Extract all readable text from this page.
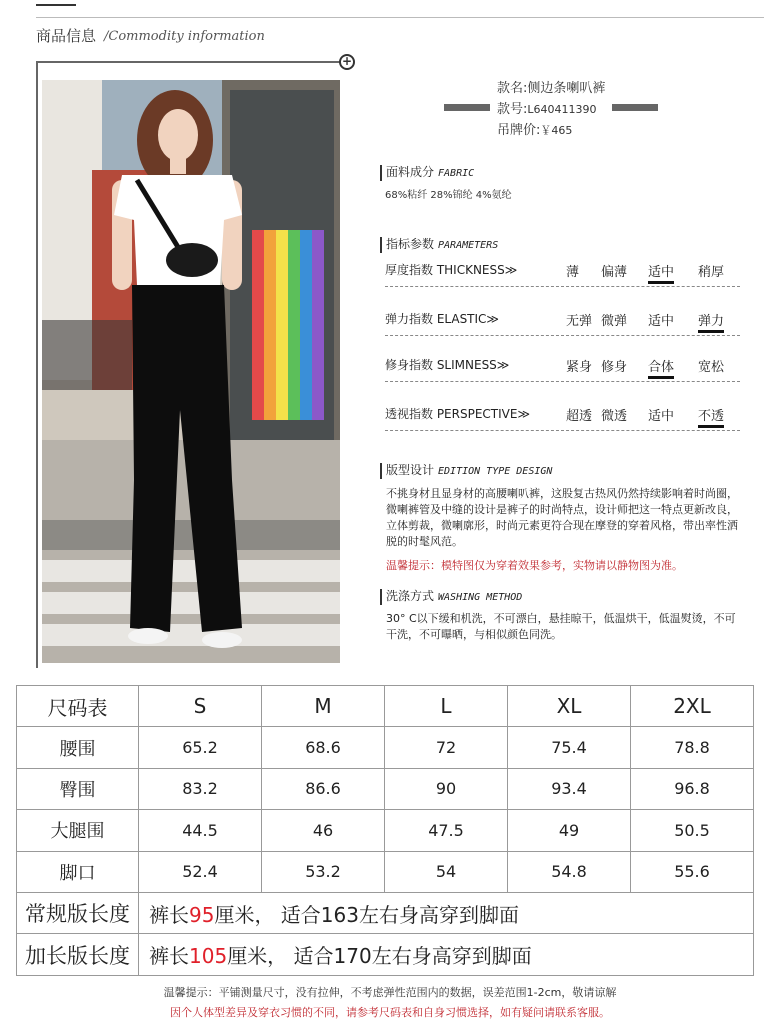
商品信息 /Commodity information
+
款名:侧边条喇叭裤
款号:L640411390
吊牌价:￥465
面料成分 FABRIC
68%粘纤 28%锦纶 4%氨纶
指标参数 PARAMETERS
厚度指数 THICKNESS≫	薄 偏薄 适中 稍厚
弹力指数 ELASTIC≫	无弹 微弹 适中 弹力
修身指数 SLIMNESS≫	紧身 修身 合体 宽松
透视指数 PERSPECTIVE≫	超透 微透 适中 不透
版型设计 EDITION TYPE DESIGN
不挑身材且显身材的高腰喇叭裤，这股复古热风仍然持续影响着时尚圈，微喇裤管及中缝的设计是裤子的时尚特点，设计师把这一特点更新改良，立体剪裁，微喇廓形，时尚元素更符合现在摩登的穿着风格，带出率性洒脱的时髦风范。
温馨提示：模特图仅为穿着效果参考，实物请以静物图为准。
洗涤方式 WASHING METHOD
30° C以下缓和机洗，不可漂白，悬挂晾干，低温烘干，低温熨烫，不可干洗，不可曝晒，与相似颜色同洗。
尺码表	S	M	L	XL	2XL
腰围	65.2	68.6	72	75.4	78.8
臀围	83.2	86.6	90	93.4	96.8
大腿围	44.5	46	47.5	49	50.5
脚口	52.4	53.2	54	54.8	55.6
常规版长度	裤长95厘米， 适合163左右身高穿到脚面				
加长版长度	裤长105厘米， 适合170左右身高穿到脚面				
温馨提示：平铺测量尺寸，没有拉伸，不考虑弹性范围内的数据，误差范围1-2cm，敬请谅解
因个人体型差异及穿衣习惯的不同，请参考尺码表和自身习惯选择，如有疑问请联系客服。
